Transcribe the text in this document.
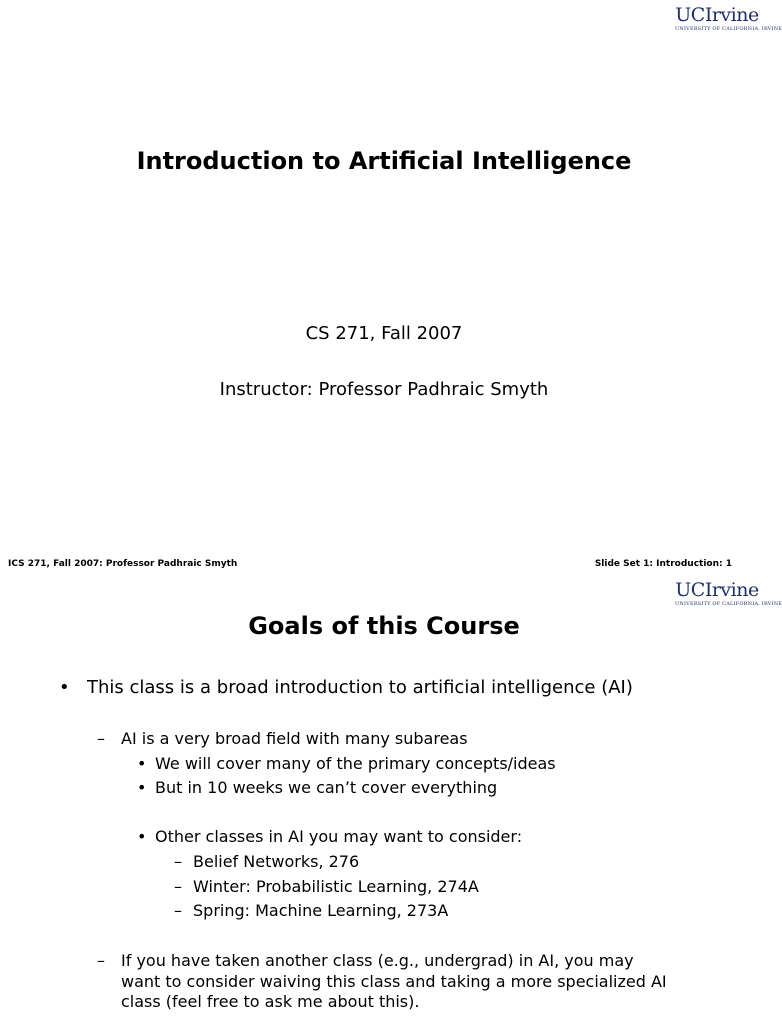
UCIrvine
UNIVERSITY OF CALIFORNIA, IRVINE
Introduction to Artificial Intelligence
CS 271, Fall 2007
Instructor: Professor Padhraic Smyth
ICS 271, Fall 2007: Professor Padhraic Smyth	Slide Set 1: Introduction: 1
UCIrvine
UNIVERSITY OF CALIFORNIA, IRVINE
Goals of this Course
• This class is a broad introduction to artificial intelligence (AI)
– AI is a very broad field with many subareas
• We will cover many of the primary concepts/ideas
• But in 10 weeks we can’t cover everything
• Other classes in AI you may want to consider:
– Belief Networks, 276
– Winter: Probabilistic Learning, 274A
– Spring: Machine Learning, 273A
– If you have taken another class (e.g., undergrad) in AI, you may
want to consider waiving this class and taking a more specialized AI
class (feel free to ask me about this).
